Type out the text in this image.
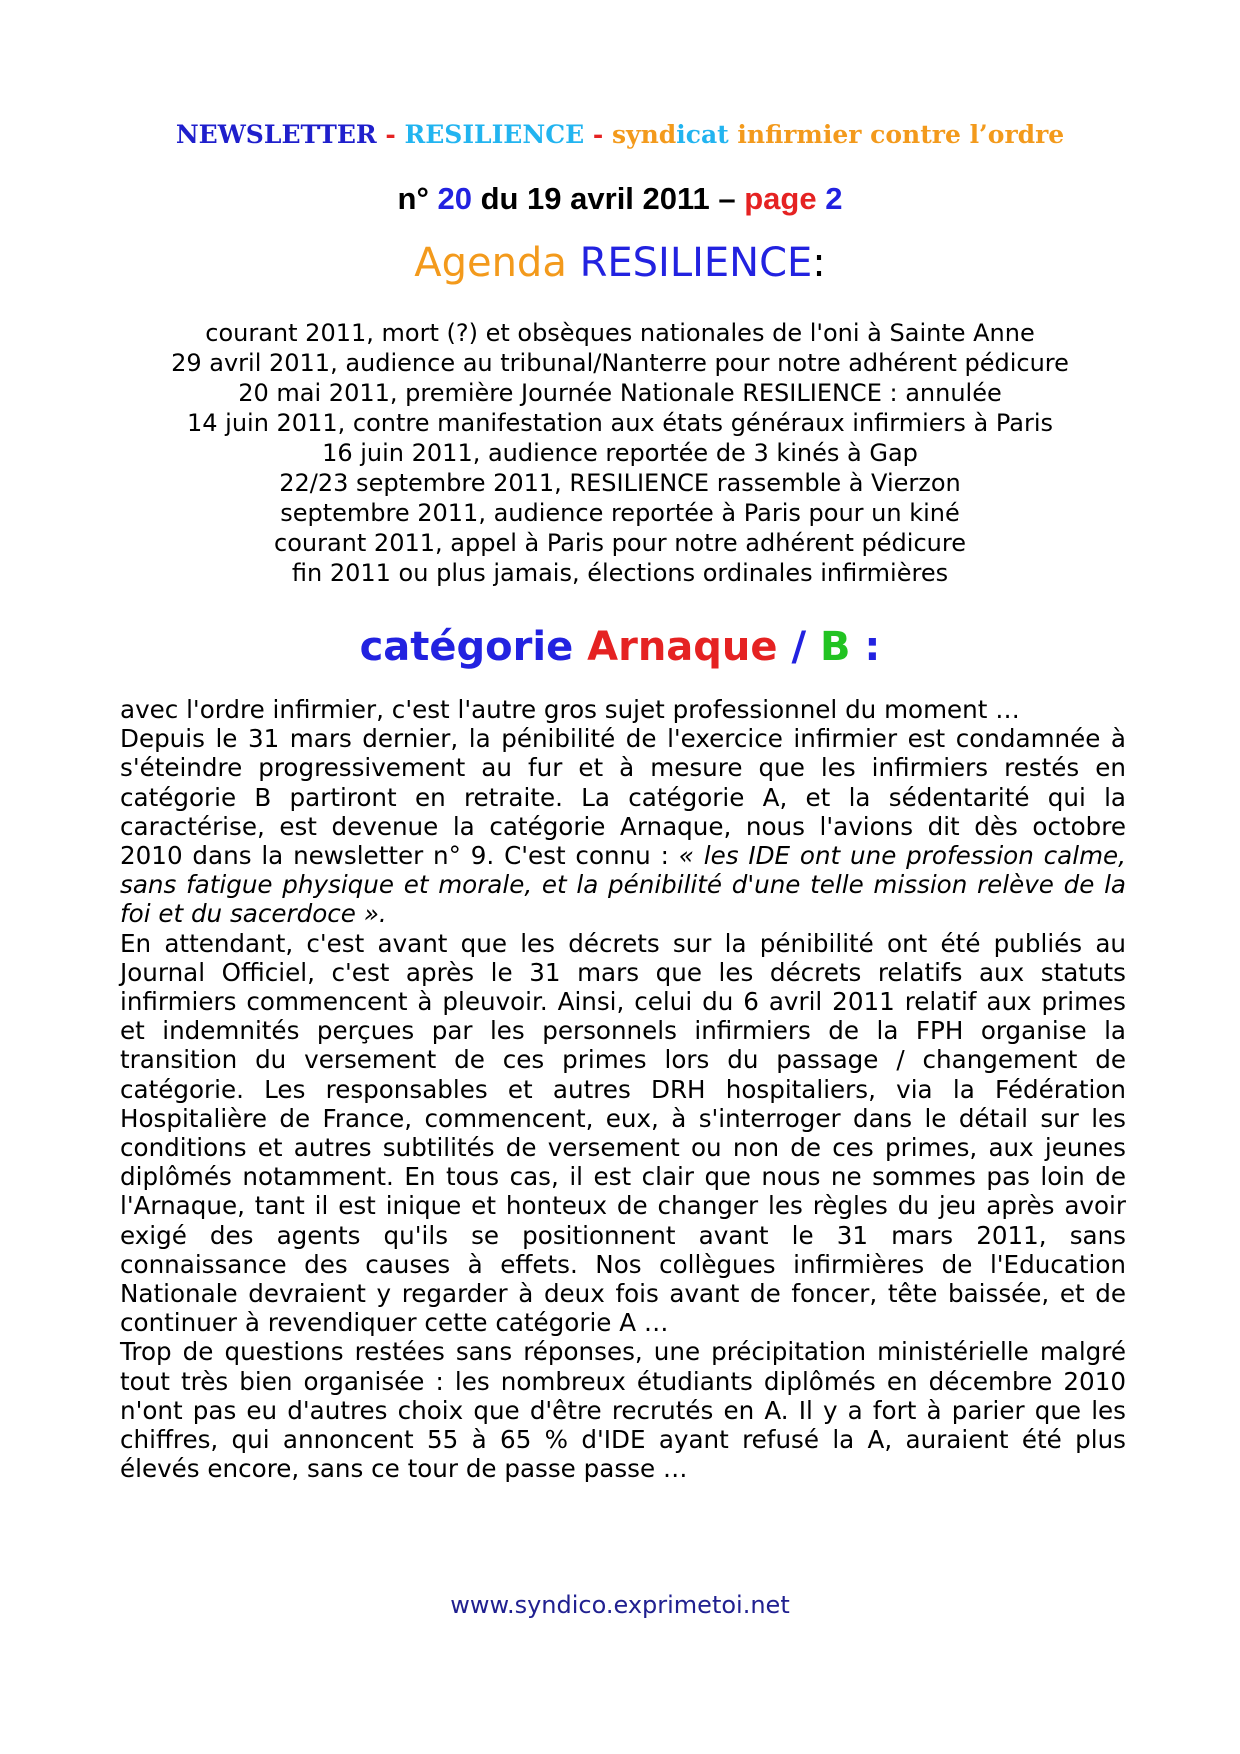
NEWSLETTER - RESILIENCE - syndicat infirmier contre l’ordre
n° 20 du 19 avril 2011 – page 2
Agenda RESILIENCE:
courant 2011, mort (?) et obsèques nationales de l'oni à Sainte Anne
29 avril 2011, audience au tribunal/Nanterre pour notre adhérent pédicure
20 mai 2011, première Journée Nationale RESILIENCE : annulée
14 juin 2011, contre manifestation aux états généraux infirmiers à Paris
16 juin 2011, audience reportée de 3 kinés à Gap
22/23 septembre 2011, RESILIENCE rassemble à Vierzon
septembre 2011, audience reportée à Paris pour un kiné
courant 2011, appel à Paris pour notre adhérent pédicure
fin 2011 ou plus jamais, élections ordinales infirmières
catégorie Arnaque / B :

avec l'ordre infirmier, c'est l'autre gros sujet professionnel du moment …

Depuis le 31 mars dernier, la pénibilité de l'exercice infirmier est condamnée à s'éteindre progressivement au fur et à mesure que les infirmiers restés en catégorie B partiront en retraite. La catégorie A, et la sédentarité qui la caractérise, est devenue la catégorie Arnaque, nous l'avions dit dès octobre 2010 dans la newsletter n° 9. C'est connu : « les IDE ont une profession calme, sans fatigue physique et morale, et la pénibilité d'une telle mission relève de la foi et du sacerdoce ».

En attendant, c'est avant que les décrets sur la pénibilité ont été publiés au Journal Officiel, c'est après le 31 mars que les décrets relatifs aux statuts infirmiers commencent à pleuvoir. Ainsi, celui du 6 avril 2011 relatif aux primes et indemnités perçues par les personnels infirmiers de la FPH organise la transition du versement de ces primes lors du passage / changement de catégorie. Les responsables et autres DRH hospitaliers, via la Fédération Hospitalière de France, commencent, eux, à s'interroger dans le détail sur les conditions et autres subtilités de versement ou non de ces primes, aux jeunes diplômés notamment. En tous cas, il est clair que nous ne sommes pas loin de l'Arnaque, tant il est inique et honteux de changer les règles du jeu après avoir exigé des agents qu'ils se positionnent avant le 31 mars 2011, sans connaissance des causes à effets. Nos collègues infirmières de l'Education Nationale devraient y regarder à deux fois avant de foncer, tête baissée, et de continuer à revendiquer cette catégorie A …

Trop de questions restées sans réponses, une précipitation ministérielle malgré tout très bien organisée : les nombreux étudiants diplômés en décembre 2010 n'ont pas eu d'autres choix que d'être recrutés en A. Il y a fort à parier que les chiffres, qui annoncent 55 à 65 % d'IDE ayant refusé la A, auraient été plus élevés encore, sans ce tour de passe passe …

www.syndico.exprimetoi.net
